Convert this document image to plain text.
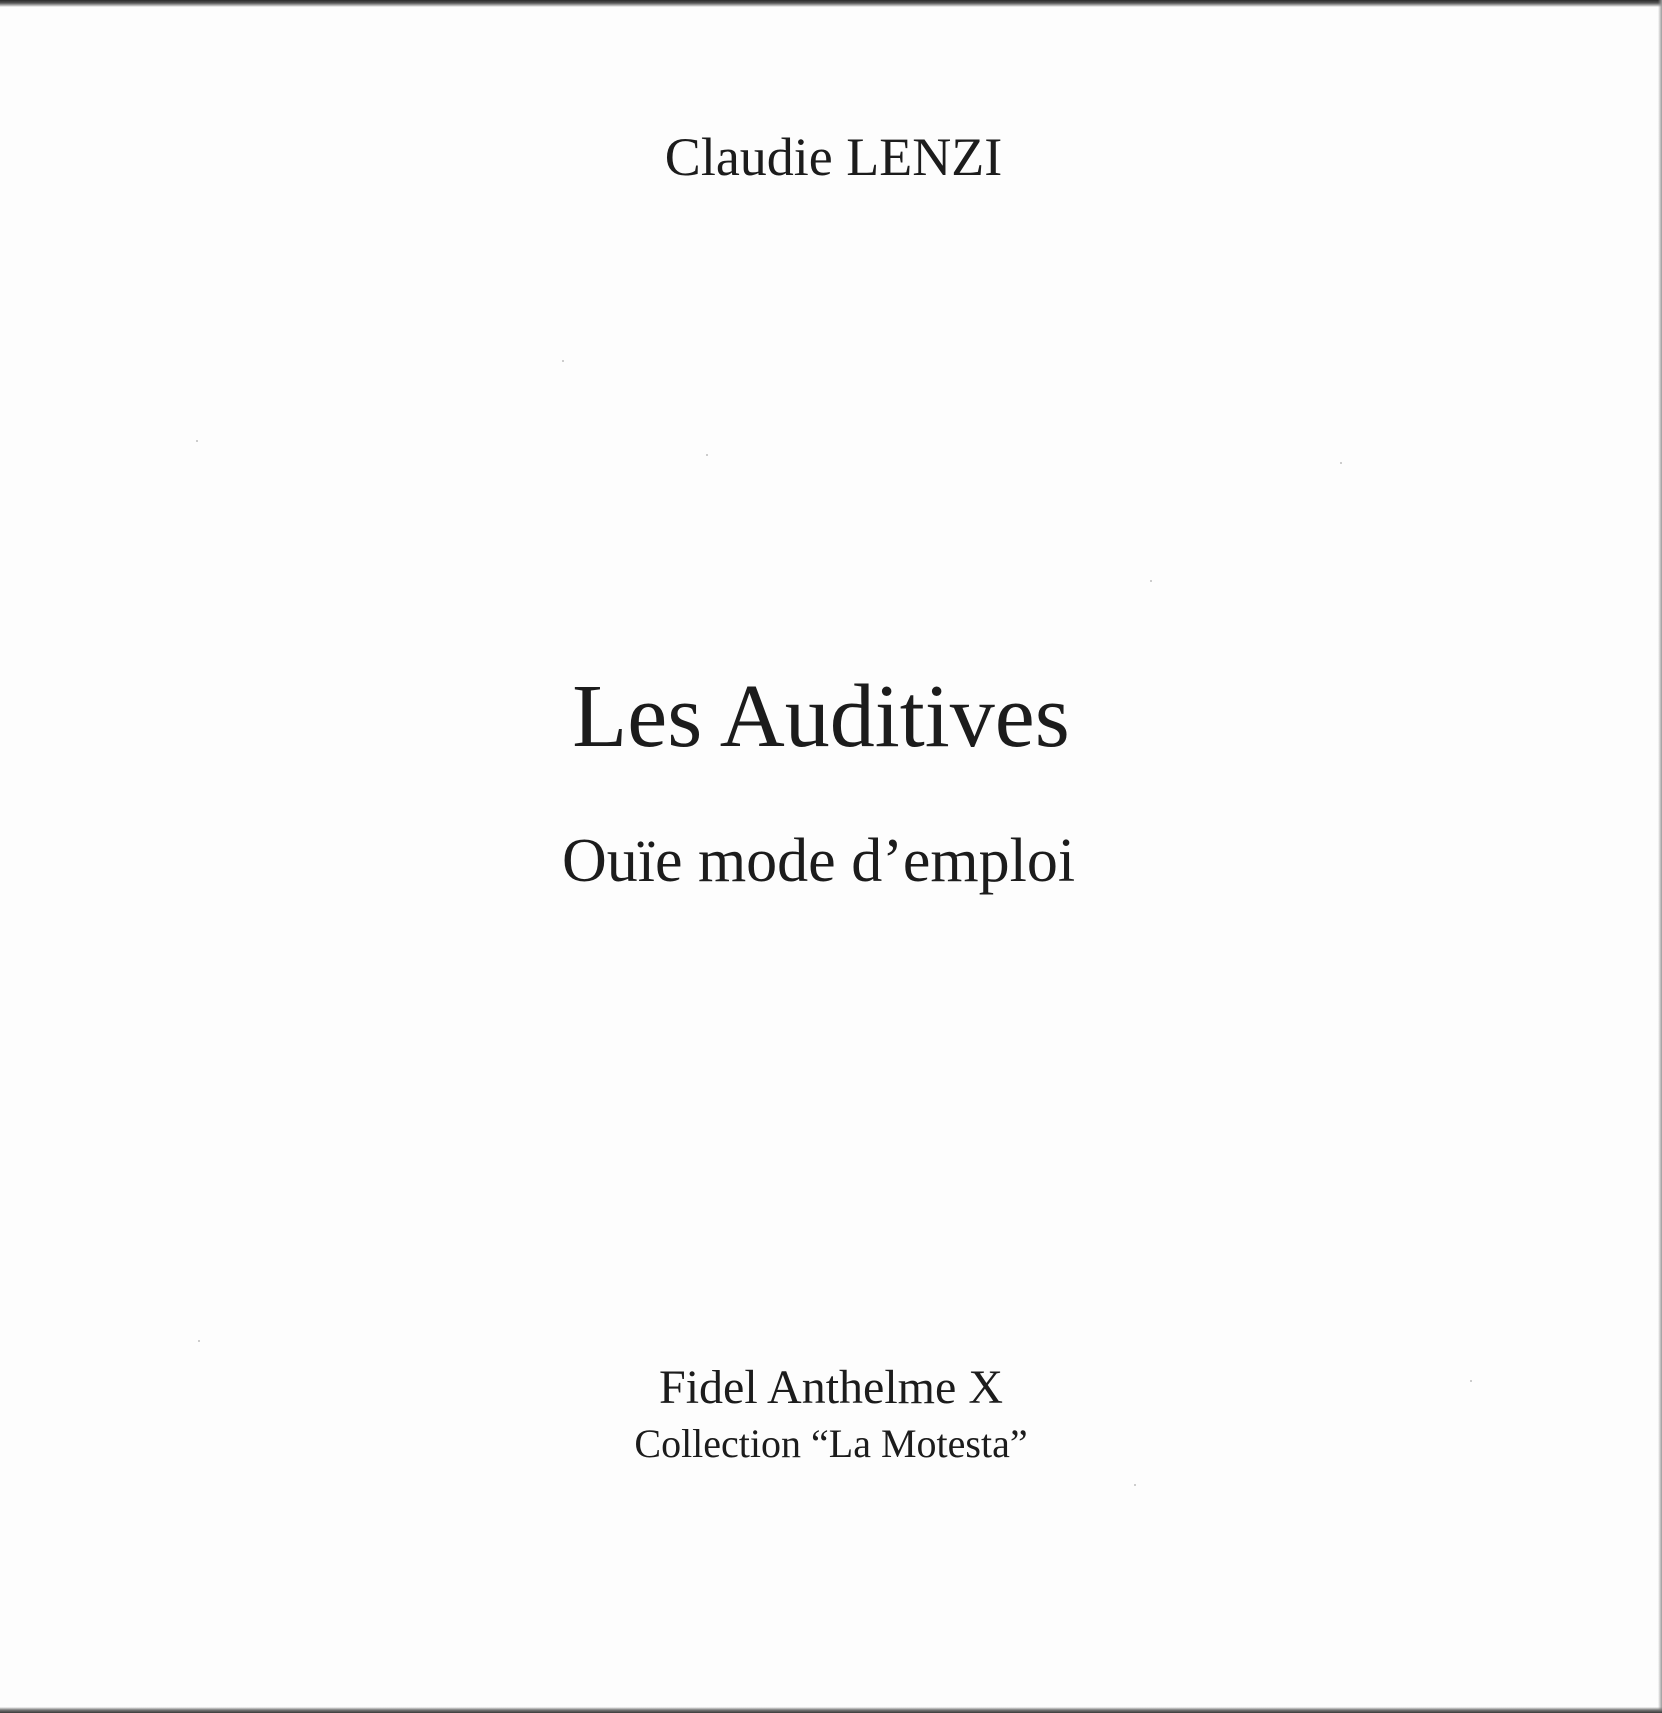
Claudie LENZI
Les Auditives
Ouïe mode d’emploi
Fidel Anthelme X
Collection “La Motesta”
